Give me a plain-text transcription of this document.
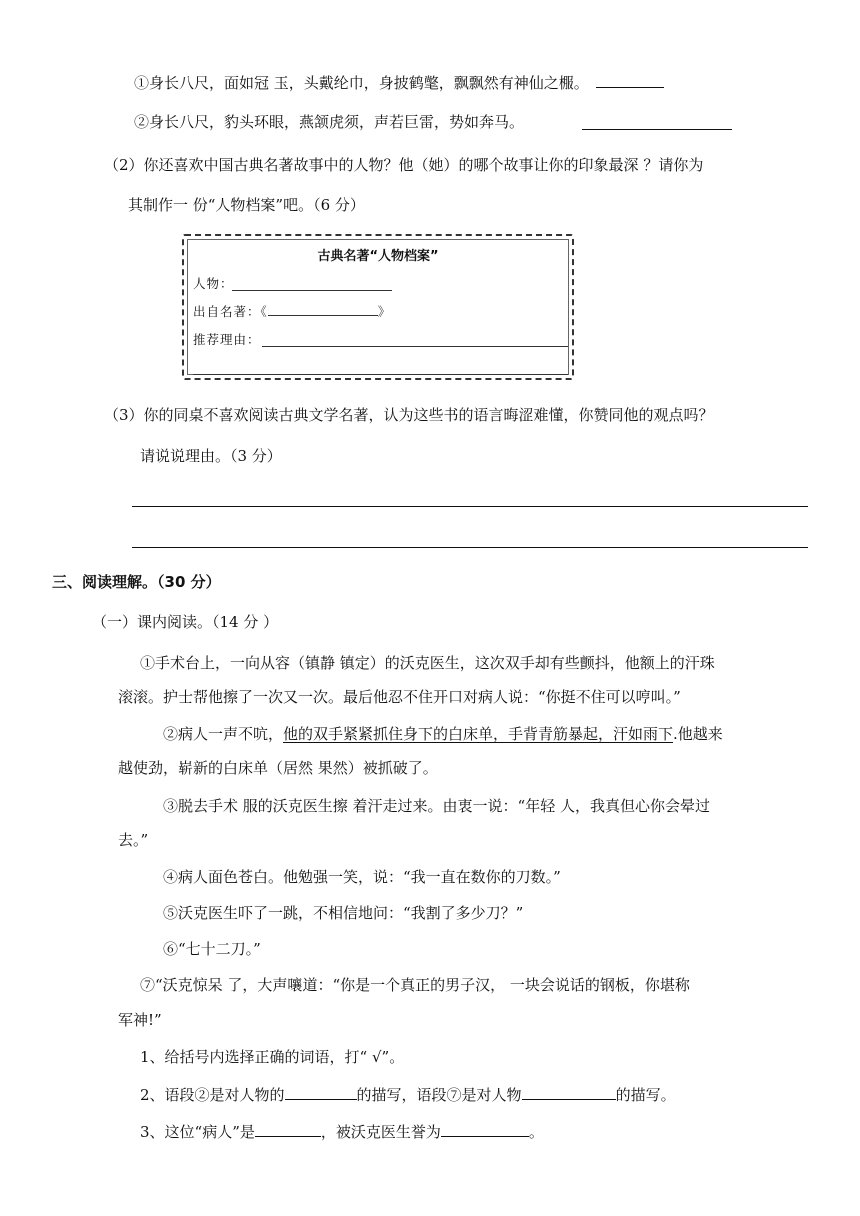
①身长八尺，面如冠 玉，头戴纶巾，身披鹤氅，飘飘然有神仙之棴。
②身长八尺，豹头环眼，燕颔虎须，声若巨雷，势如奔马。
（2）你还喜欢中国古典名著故事中的人物？他（她）的哪个故事让你的印象最深 ？请你为
其制作一 份“人物档案”吧。（6 分）
古典名著“人物档案”
人物：
出自名著：《	》
推荐理由：
（3）你的同桌不喜欢阅读古典文学名著，认为这些书的语言晦涩难懂，你赞同他的观点吗？
请说说理由。（3 分）
三、阅读理解。（30 分）
（一）课内阅读。（14 分 ）
①手术台上，一向从容（镇静 镇定）的沃克医生，这次双手却有些颤抖，他额上的汗珠
滚滚。护士帮他擦了一次又一次。最后他忍不住开口对病人说：“你挺不住可以哼叫。”
②病人一声不吭，他的双手紧紧抓住身下的白床单，手背青筋暴起，汗如雨下.他越来
越使劲，崭新的白床单（居然 果然）被抓破了。
③脱去手术 服的沃克医生擦 着汗走过来。由衷一说：“年轻 人，我真但心你会晕过
去。”
④病人面色苍白。他勉强一笑，说：“我一直在数你的刀数。”
⑤沃克医生吓了一跳，不相信地问：“我割了多少刀？”
⑥“七十二刀。”
⑦“沃克惊呆 了，大声嚷道：“你是一个真正的男子汉， 一块会说话的钢板，你堪称
军神!”
1、给括号内选择正确的词语，打“ √”。
2、语段②是对人物的	的描写，语段⑦是对人物	的描写。
3、这位“病人”是	，被沃克医生誉为	。
